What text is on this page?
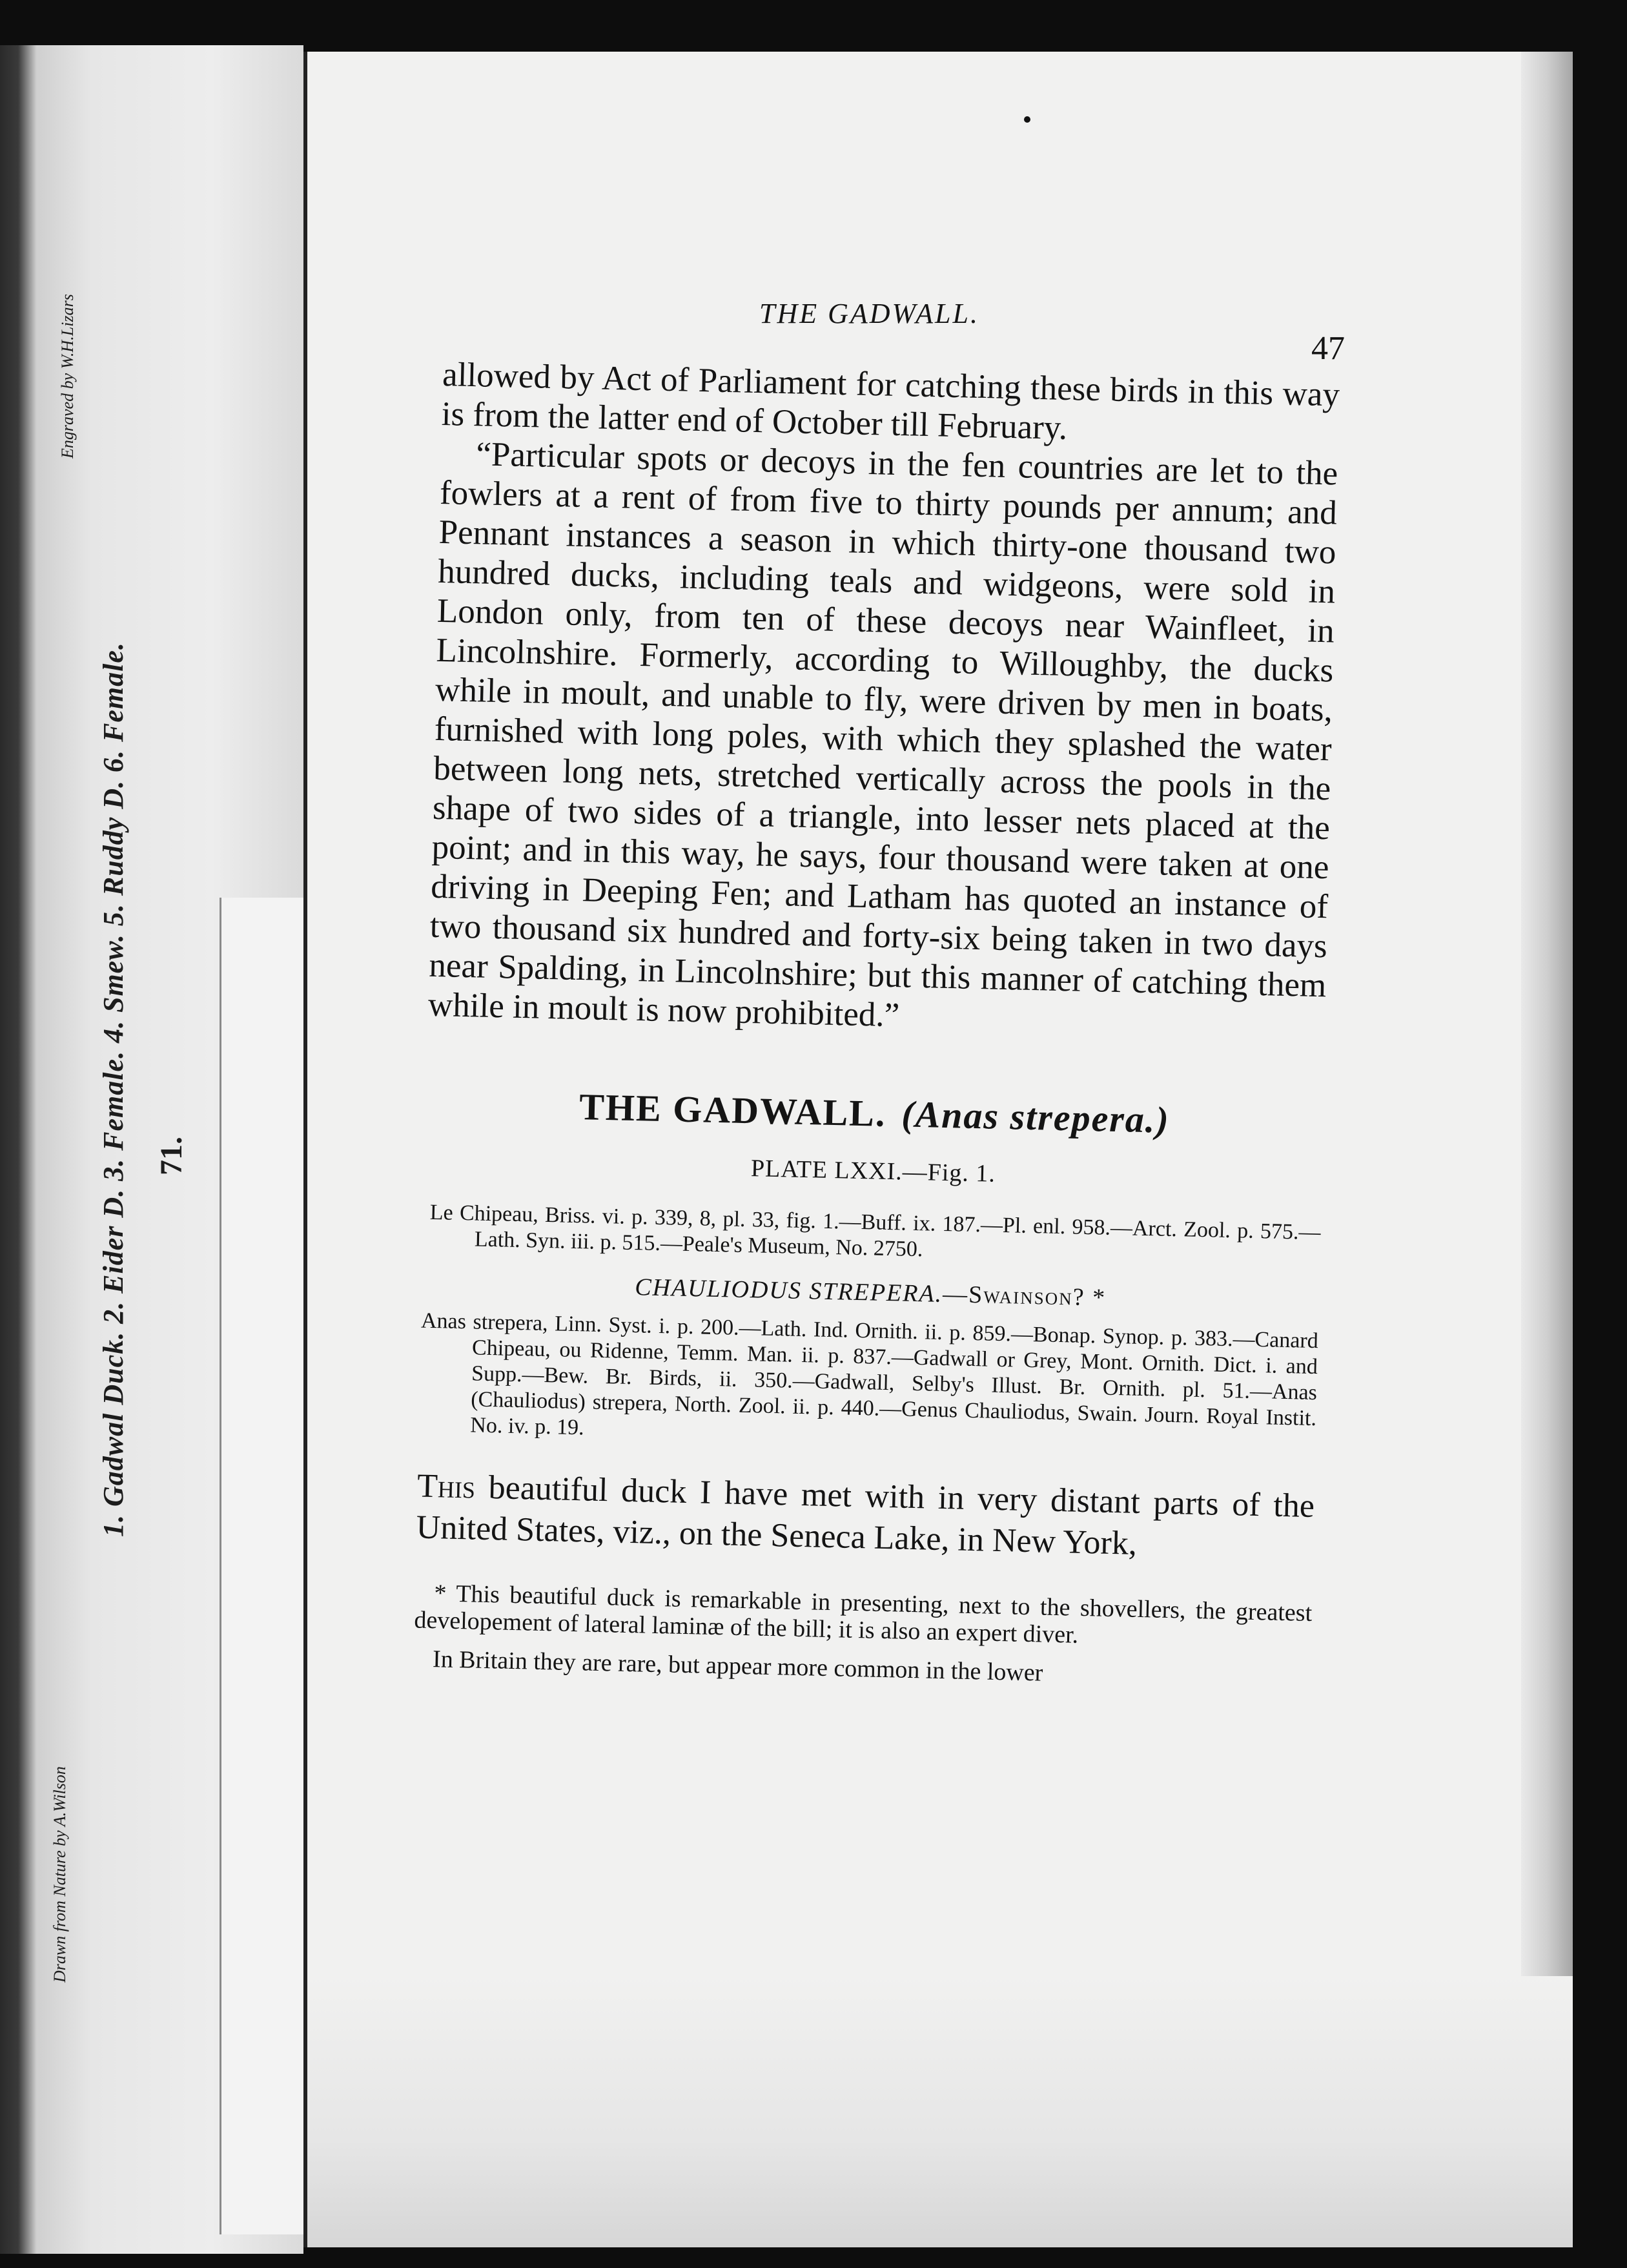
Engraved by W.H.Lizars
1. Gadwal Duck. 2. Eider D. 3. Female. 4. Smew. 5. Ruddy D. 6. Female. 71.
Drawn from Nature by A.Wilson
THE GADWALL.
47

allowed by Act of Parliament for catching these birds in this way is from the latter end of October till February.

“Particular spots or decoys in the fen countries are let to the fowlers at a rent of from five to thirty pounds per annum; and Pennant instances a season in which thirty-one thousand two hundred ducks, including teals and widgeons, were sold in London only, from ten of these decoys near Wainfleet, in Lincolnshire. Formerly, according to Willoughby, the ducks while in moult, and unable to fly, were driven by men in boats, furnished with long poles, with which they splashed the water between long nets, stretched vertically across the pools in the shape of two sides of a triangle, into lesser nets placed at the point; and in this way, he says, four thousand were taken at one driving in Deeping Fen; and Latham has quoted an instance of two thousand six hundred and forty-six being taken in two days near Spalding, in Lincolnshire; but this manner of catching them while in moult is now prohibited.”

THE GADWALL. (Anas strepera.)

PLATE LXXI.—Fig. 1.

Le Chipeau, Briss. vi. p. 339, 8, pl. 33, fig. 1.—Buff. ix. 187.—Pl. enl. 958.—Arct. Zool. p. 575.—Lath. Syn. iii. p. 515.—Peale's Museum, No. 2750.

CHAULIODUS STREPERA.—Swainson? *

Anas strepera, Linn. Syst. i. p. 200.—Lath. Ind. Ornith. ii. p. 859.—Bonap. Synop. p. 383.—Canard Chipeau, ou Ridenne, Temm. Man. ii. p. 837.—Gadwall or Grey, Mont. Ornith. Dict. i. and Supp.—Bew. Br. Birds, ii. 350.—Gadwall, Selby's Illust. Br. Ornith. pl. 51.—Anas (Chauliodus) strepera, North. Zool. ii. p. 440.—Genus Chauliodus, Swain. Journ. Royal Instit. No. iv. p. 19.

This beautiful duck I have met with in very distant parts of the United States, viz., on the Seneca Lake, in New York,

* This beautiful duck is remarkable in presenting, next to the shovellers, the greatest developement of lateral laminæ of the bill; it is also an expert diver.

In Britain they are rare, but appear more common in the lower
